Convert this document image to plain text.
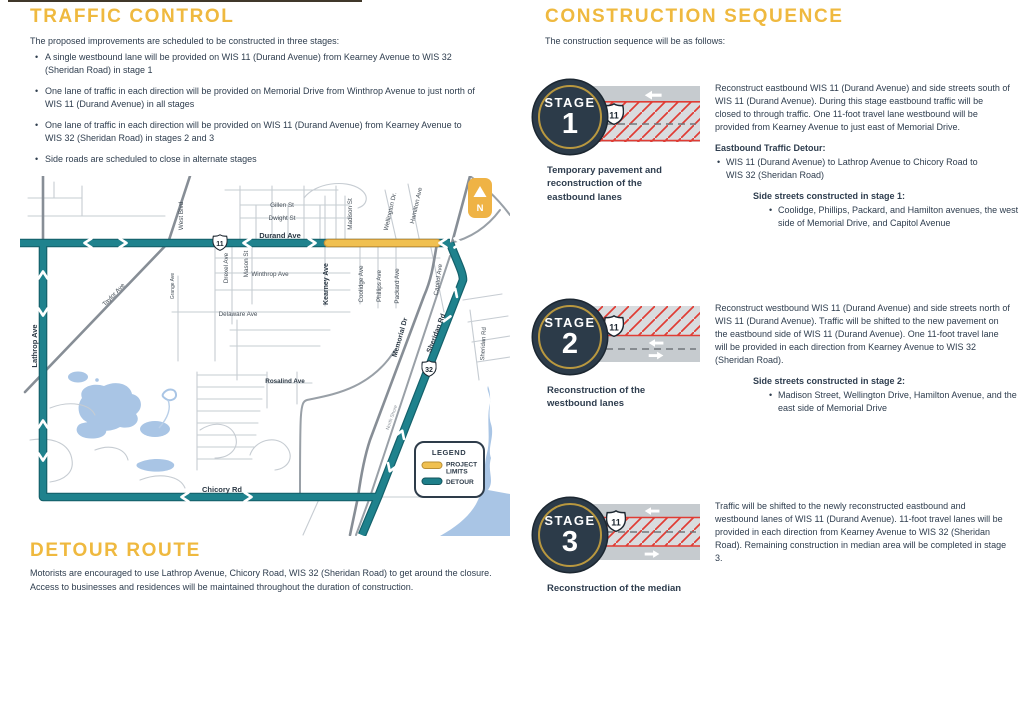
TRAFFIC CONTROL
The proposed improvements are scheduled to be constructed in three stages:
• A single westbound lane will be provided on WIS 11 (Durand Avenue) from Kearney Avenue to WIS 32 (Sheridan Road) in stage 1
• One lane of traffic in each direction will be provided on Memorial Drive from Winthrop Avenue to just north of WIS 11 (Durand Avenue) in all stages
• One lane of traffic in each direction will be provided on WIS 11 (Durand Avenue) from Kearney Avenue to WIS 32 (Sheridan Road) in stages 2 and 3
• Side roads are scheduled to close in alternate stages
11
32
Gillen St
Dwight St
Durand Ave
West Blvd
Taylor Ave
Madison St	Wellington Dr. Hamilton Ave
Kearney Ave	Coolidge Ave Phillips Ave Packard Ave	Capitol Ave
Winthrop Ave
Delaware Ave
Drexel Ave Mason St
Grange Ave
Memorial Dr Sheridan Rd	Sheridan Rd
Rosalind Ave
Chicory Rd
Lathrop Ave
North Shore
N
LEGEND
PROJECT
LIMITS
DETOUR
DETOUR ROUTE
Motorists are encouraged to use Lathrop Avenue, Chicory Road, WIS 32 (Sheridan Road) to get around the closure. Access to businesses and residences will be maintained throughout the duration of construction.
CONSTRUCTION SEQUENCE
The construction sequence will be as follows:
11
STAGE
1
Temporary pavement and reconstruction of the eastbound lanes
Reconstruct eastbound WIS 11 (Durand Avenue) and side streets south of WIS 11 (Durand Avenue). During this stage eastbound traffic will be closed to through traffic. One 11-foot travel lane westbound will be provided from Kearney Avenue to just east of Memorial Drive.
Eastbound Traffic Detour:
• WIS 11 (Durand Avenue) to Lathrop Avenue to Chicory Road to WIS 32 (Sheridan Road)
Side streets constructed in stage 1:
• Coolidge, Phillips, Packard, and Hamilton avenues, the west side of Memorial Drive, and Capitol Avenue
11
STAGE
2
Reconstruction of the westbound lanes
Reconstruct westbound WIS 11 (Durand Avenue) and side streets north of WIS 11 (Durand Avenue). Traffic will be shifted to the new pavement on the eastbound side of WIS 11 (Durand Avenue). One 11-foot travel lane will be provided in each direction from Kearney Avenue to WIS 32 (Sheridan Road).
Side streets constructed in stage 2:
• Madison Street, Wellington Drive, Hamilton Avenue, and the east side of Memorial Drive
11
STAGE
3
Reconstruction of the median
Traffic will be shifted to the newly reconstructed eastbound and westbound lanes of WIS 11 (Durand Avenue). 11-foot travel lanes will be provided in each direction from Kearney Avenue to WIS 32 (Sheridan Road). Remaining construction in median area will be completed in stage 3.
